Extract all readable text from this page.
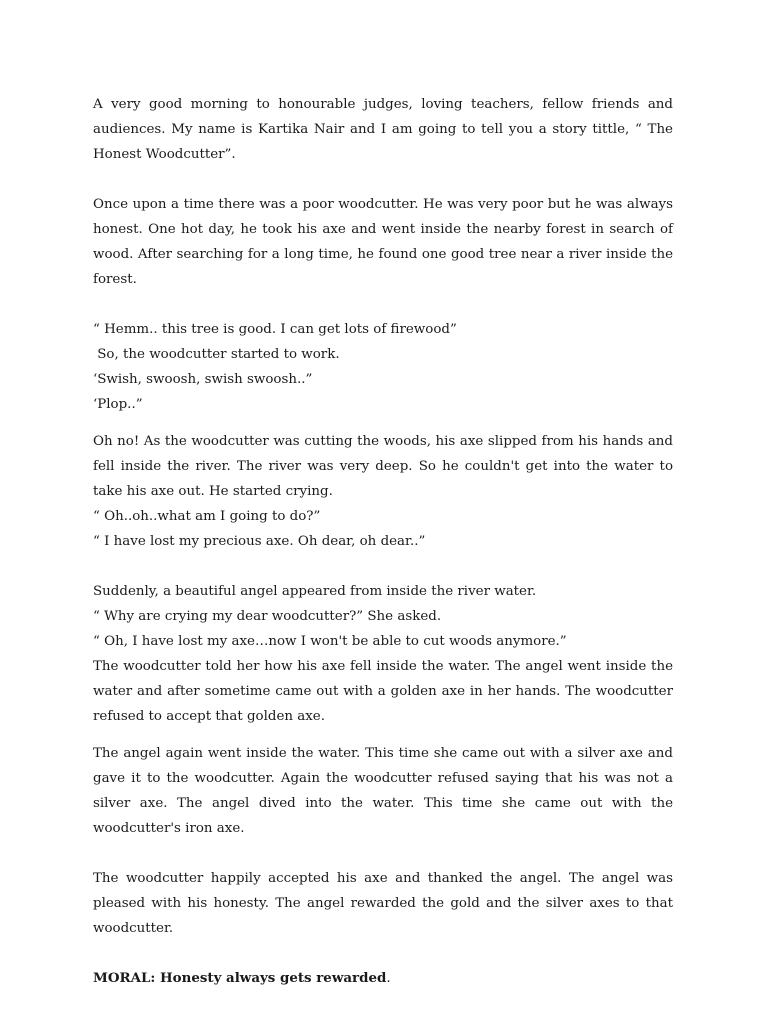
A very good morning to honourable judges, loving teachers, fellow friends and audiences. My name is Kartika Nair and I am going to tell you a story tittle, “ The Honest Woodcutter”.

Once upon a time there was a poor woodcutter. He was very poor but he was always honest. One hot day, he took his axe and went inside the nearby forest in search of wood. After searching for a long time, he found one good tree near a river inside the forest.

“ Hemm.. this tree is good. I can get lots of firewood”
So, the woodcutter started to work.
‘Swish, swoosh, swish swoosh..”
‘Plop..”

Oh no! As the woodcutter was cutting the woods, his axe slipped from his hands and fell inside the river. The river was very deep. So he couldn't get into the water to take his axe out. He started crying.

“ Oh..oh..what am I going to do?”
“ I have lost my precious axe. Oh dear, oh dear..”
Suddenly, a beautiful angel appeared from inside the river water.
“ Why are crying my dear woodcutter?” She asked.
“ Oh, I have lost my axe…now I won't be able to cut woods anymore.”

The woodcutter told her how his axe fell inside the water. The angel went inside the water and after sometime came out with a golden axe in her hands. The woodcutter refused to accept that golden axe.

The angel again went inside the water. This time she came out with a silver axe and gave it to the woodcutter. Again the woodcutter refused saying that his was not a silver axe. The angel dived into the water. This time she came out with the woodcutter's iron axe.

The woodcutter happily accepted his axe and thanked the angel. The angel was pleased with his honesty. The angel rewarded the gold and the silver axes to that woodcutter.

MORAL: Honesty always gets rewarded.
